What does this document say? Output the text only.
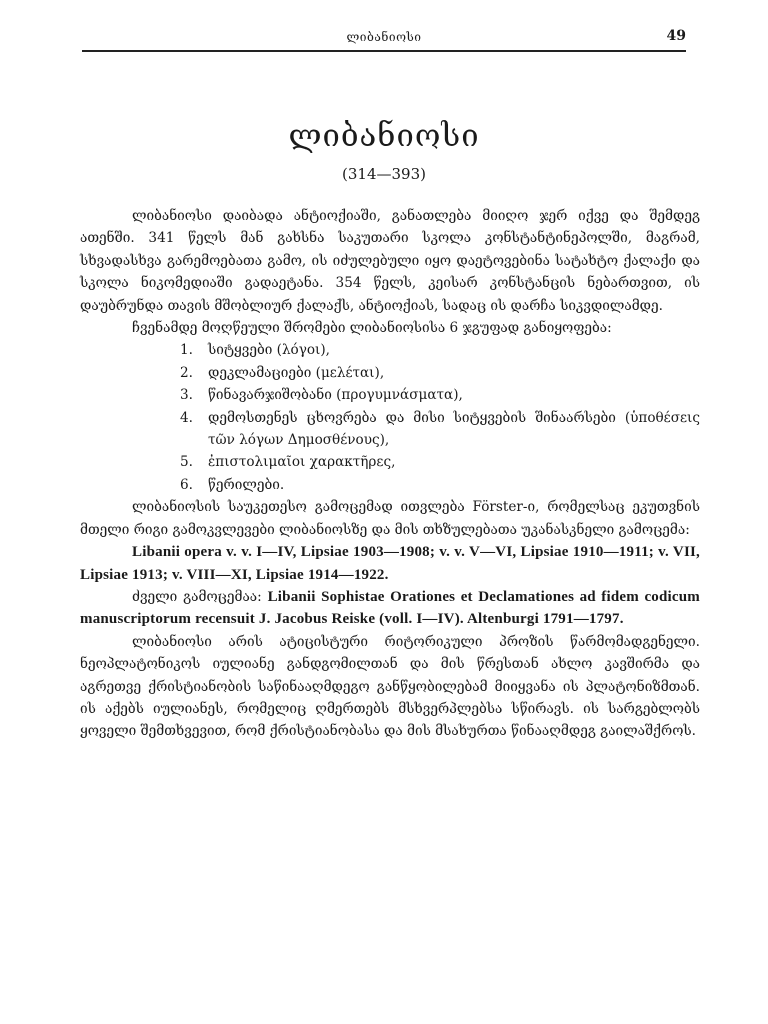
ლიბანიოსი	49
ლიბანიოსი
(314—393)

ლიბანიოსი დაიბადა ანტიოქიაში, განათლება მიიღო ჯერ იქვე და შემდეგ ათენში. 341 წელს მან გახსნა საკუთარი სკოლა კონსტანტინეპოლში, მაგრამ, სხვადასხვა გარემოებათა გამო, ის იძულებული იყო დაეტოვებინა სატახტო ქალაქი და სკოლა ნიკომედიაში გადაეტანა. 354 წელს, კეისარ კონსტანცის ნებართვით, ის დაუბრუნდა თავის მშობლიურ ქალაქს, ანტიოქიას, სადაც ის დარჩა სიკვდილამდე.

ჩვენამდე მოღწეული შრომები ლიბანიოსისა 6 ჯგუფად განიყოფება:

1. სიტყვები (λόγοι),
2. დეკლამაციები (μελέται),
3. წინავარჯიშობანი (προγυμνάσματα),
4. დემოსთენეს ცხოვრება და მისი სიტყვების შინაარსები (ὑποθέσεις τῶν λόγων Δημοσθένους),
5. ἐπιστολιμαῖοι χαρακτῆρες,
6. წერილები.

ლიბანიოსის საუკეთესო გამოცემად ითვლება Förster-ი, რომელსაც ეკუთვნის მთელი რიგი გამოკვლევები ლიბანიოსზე და მის თხზულებათა უკანასკნელი გამოცემა:

Libanii opera v. v. I—IV, Lipsiae 1903—1908; v. v. V—VI, Lipsiae 1910—1911; v. VII, Lipsiae 1913; v. VIII—XI, Lipsiae 1914—1922.

ძველი გამოცემაა: Libanii Sophistae Orationes et Declamationes ad fidem codicum manuscriptorum recensuit J. Jacobus Reiske (voll. I—IV). Altenburgi 1791—1797.

ლიბანიოსი არის ატიცისტური რიტორიკული პროზის წარმომადგენელი. ნეოპლატონიკოს იულიანე განდგომილთან და მის წრესთან ახლო კავშირმა და აგრეთვე ქრისტიანობის საწინააღმდეგო განწყობილებამ მიიყვანა ის პლატონიზმთან. ის აქებს იულიანეს, რომელიც ღმერთებს მსხვერპლებსა სწირავს. ის სარგებლობს ყოველი შემთხვევით, რომ ქრისტიანობასა და მის მსახურთა წინააღმდეგ გაილაშქროს.
